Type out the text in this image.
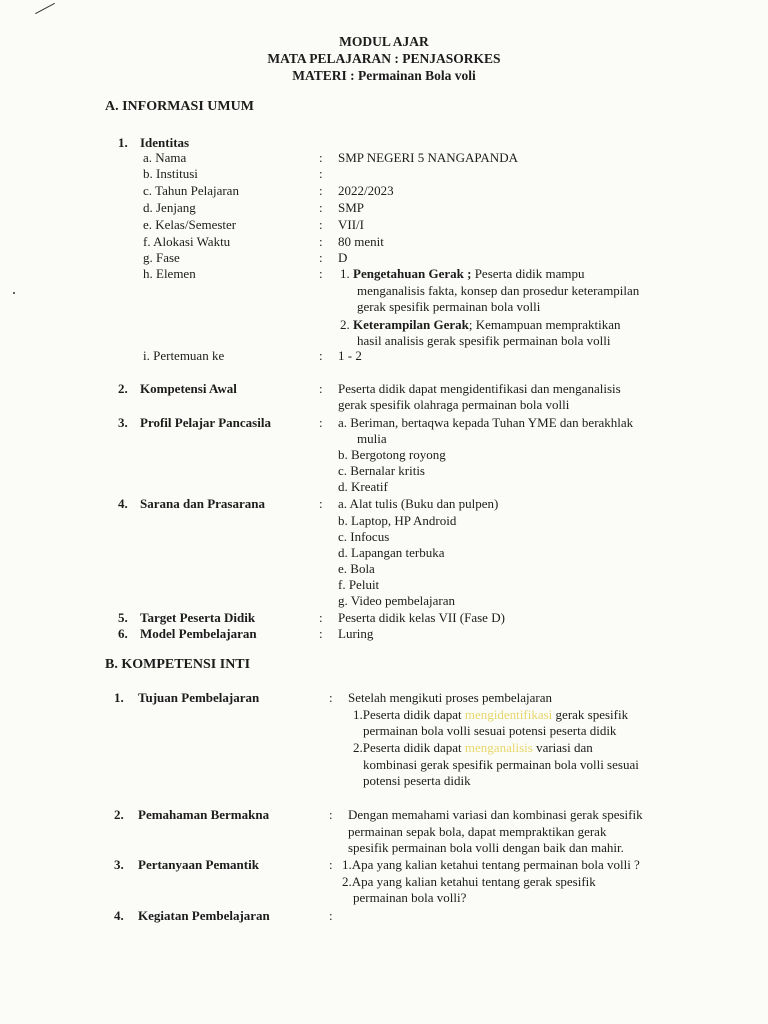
MODUL AJAR
MATA PELAJARAN : PENJASORKES
MATERI : Permainan Bola voli
A. INFORMASI UMUM
1. Identitas
a. Nama	: SMP NEGERI 5 NANGAPANDA
b. Institusi	:
c. Tahun Pelajaran	: 2022/2023
d. Jenjang	: SMP
e. Kelas/Semester	: VII/I
f. Alokasi Waktu	: 80 menit
g. Fase	: D
h. Elemen	: 1. Pengetahuan Gerak ; Peserta didik mampu
menganalisis fakta, konsep dan prosedur keterampilan
gerak spesifik permainan bola volli
2. Keterampilan Gerak; Kemampuan mempraktikan
hasil analisis gerak spesifik permainan bola volli
i. Pertemuan ke	: 1 - 2
2. Kompetensi Awal	: Peserta didik dapat mengidentifikasi dan menganalisis
gerak spesifik olahraga permainan bola volli
3. Profil Pelajar Pancasila	: a. Beriman, bertaqwa kepada Tuhan YME dan berakhlak
mulia
b. Bergotong royong
c. Bernalar kritis
d. Kreatif
4. Sarana dan Prasarana	: a. Alat tulis (Buku dan pulpen)
b. Laptop, HP Android
c. Infocus
d. Lapangan terbuka
e. Bola
f. Peluit
g. Video pembelajaran
5. Target Peserta Didik	: Peserta didik kelas VII (Fase D)
6. Model Pembelajaran	: Luring
B. KOMPETENSI INTI
1. Tujuan Pembelajaran	: Setelah mengikuti proses pembelajaran
1.Peserta didik dapat mengidentifikasi gerak spesifik
permainan bola volli sesuai potensi peserta didik
2.Peserta didik dapat menganalisis variasi dan
kombinasi gerak spesifik permainan bola volli sesuai
potensi peserta didik
2. Pemahaman Bermakna	: Dengan memahami variasi dan kombinasi gerak spesifik
permainan sepak bola, dapat mempraktikan gerak
spesifik permainan bola volli dengan baik dan mahir.
3. Pertanyaan Pemantik	: 1.Apa yang kalian ketahui tentang permainan bola volli ?
2.Apa yang kalian ketahui tentang gerak spesifik
permainan bola volli?
4. Kegiatan Pembelajaran	:
